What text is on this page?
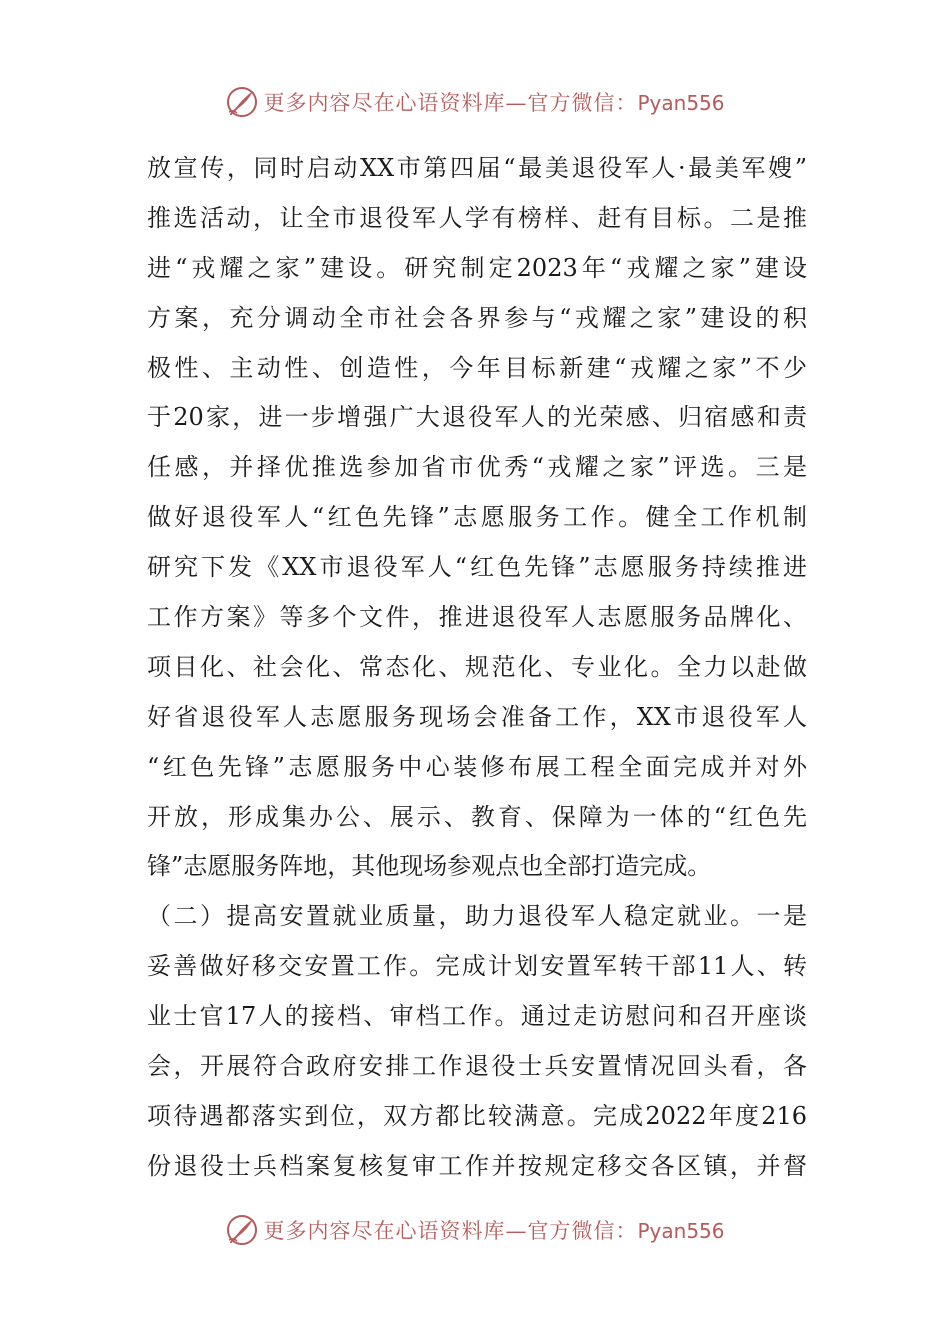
更多内容尽在心语资料库—官方微信：Pyan556
放宣传，同时启动XX市第四届“最美退役军人·最美军嫂”
推选活动，让全市退役军人学有榜样、赶有目标。二是推
进“戎耀之家”建设。研究制定2023年“戎耀之家”建设
方案，充分调动全市社会各界参与“戎耀之家”建设的积
极性、主动性、创造性，今年目标新建“戎耀之家”不少
于20家，进一步增强广大退役军人的光荣感、归宿感和责
任感，并择优推选参加省市优秀“戎耀之家”评选。三是
做好退役军人“红色先锋”志愿服务工作。健全工作机制
研究下发《XX市退役军人“红色先锋”志愿服务持续推进
工作方案》等多个文件，推进退役军人志愿服务品牌化、
项目化、社会化、常态化、规范化、专业化。全力以赴做
好省退役军人志愿服务现场会准备工作，XX市退役军人
“红色先锋”志愿服务中心装修布展工程全面完成并对外
开放，形成集办公、展示、教育、保障为一体的“红色先
锋”志愿服务阵地，其他现场参观点也全部打造完成。
（二）提高安置就业质量，助力退役军人稳定就业。一是
妥善做好移交安置工作。完成计划安置军转干部11人、转
业士官17人的接档、审档工作。通过走访慰问和召开座谈
会，开展符合政府安排工作退役士兵安置情况回头看，各
项待遇都落实到位，双方都比较满意。完成2022年度216
份退役士兵档案复核复审工作并按规定移交各区镇，并督
更多内容尽在心语资料库—官方微信：Pyan556
